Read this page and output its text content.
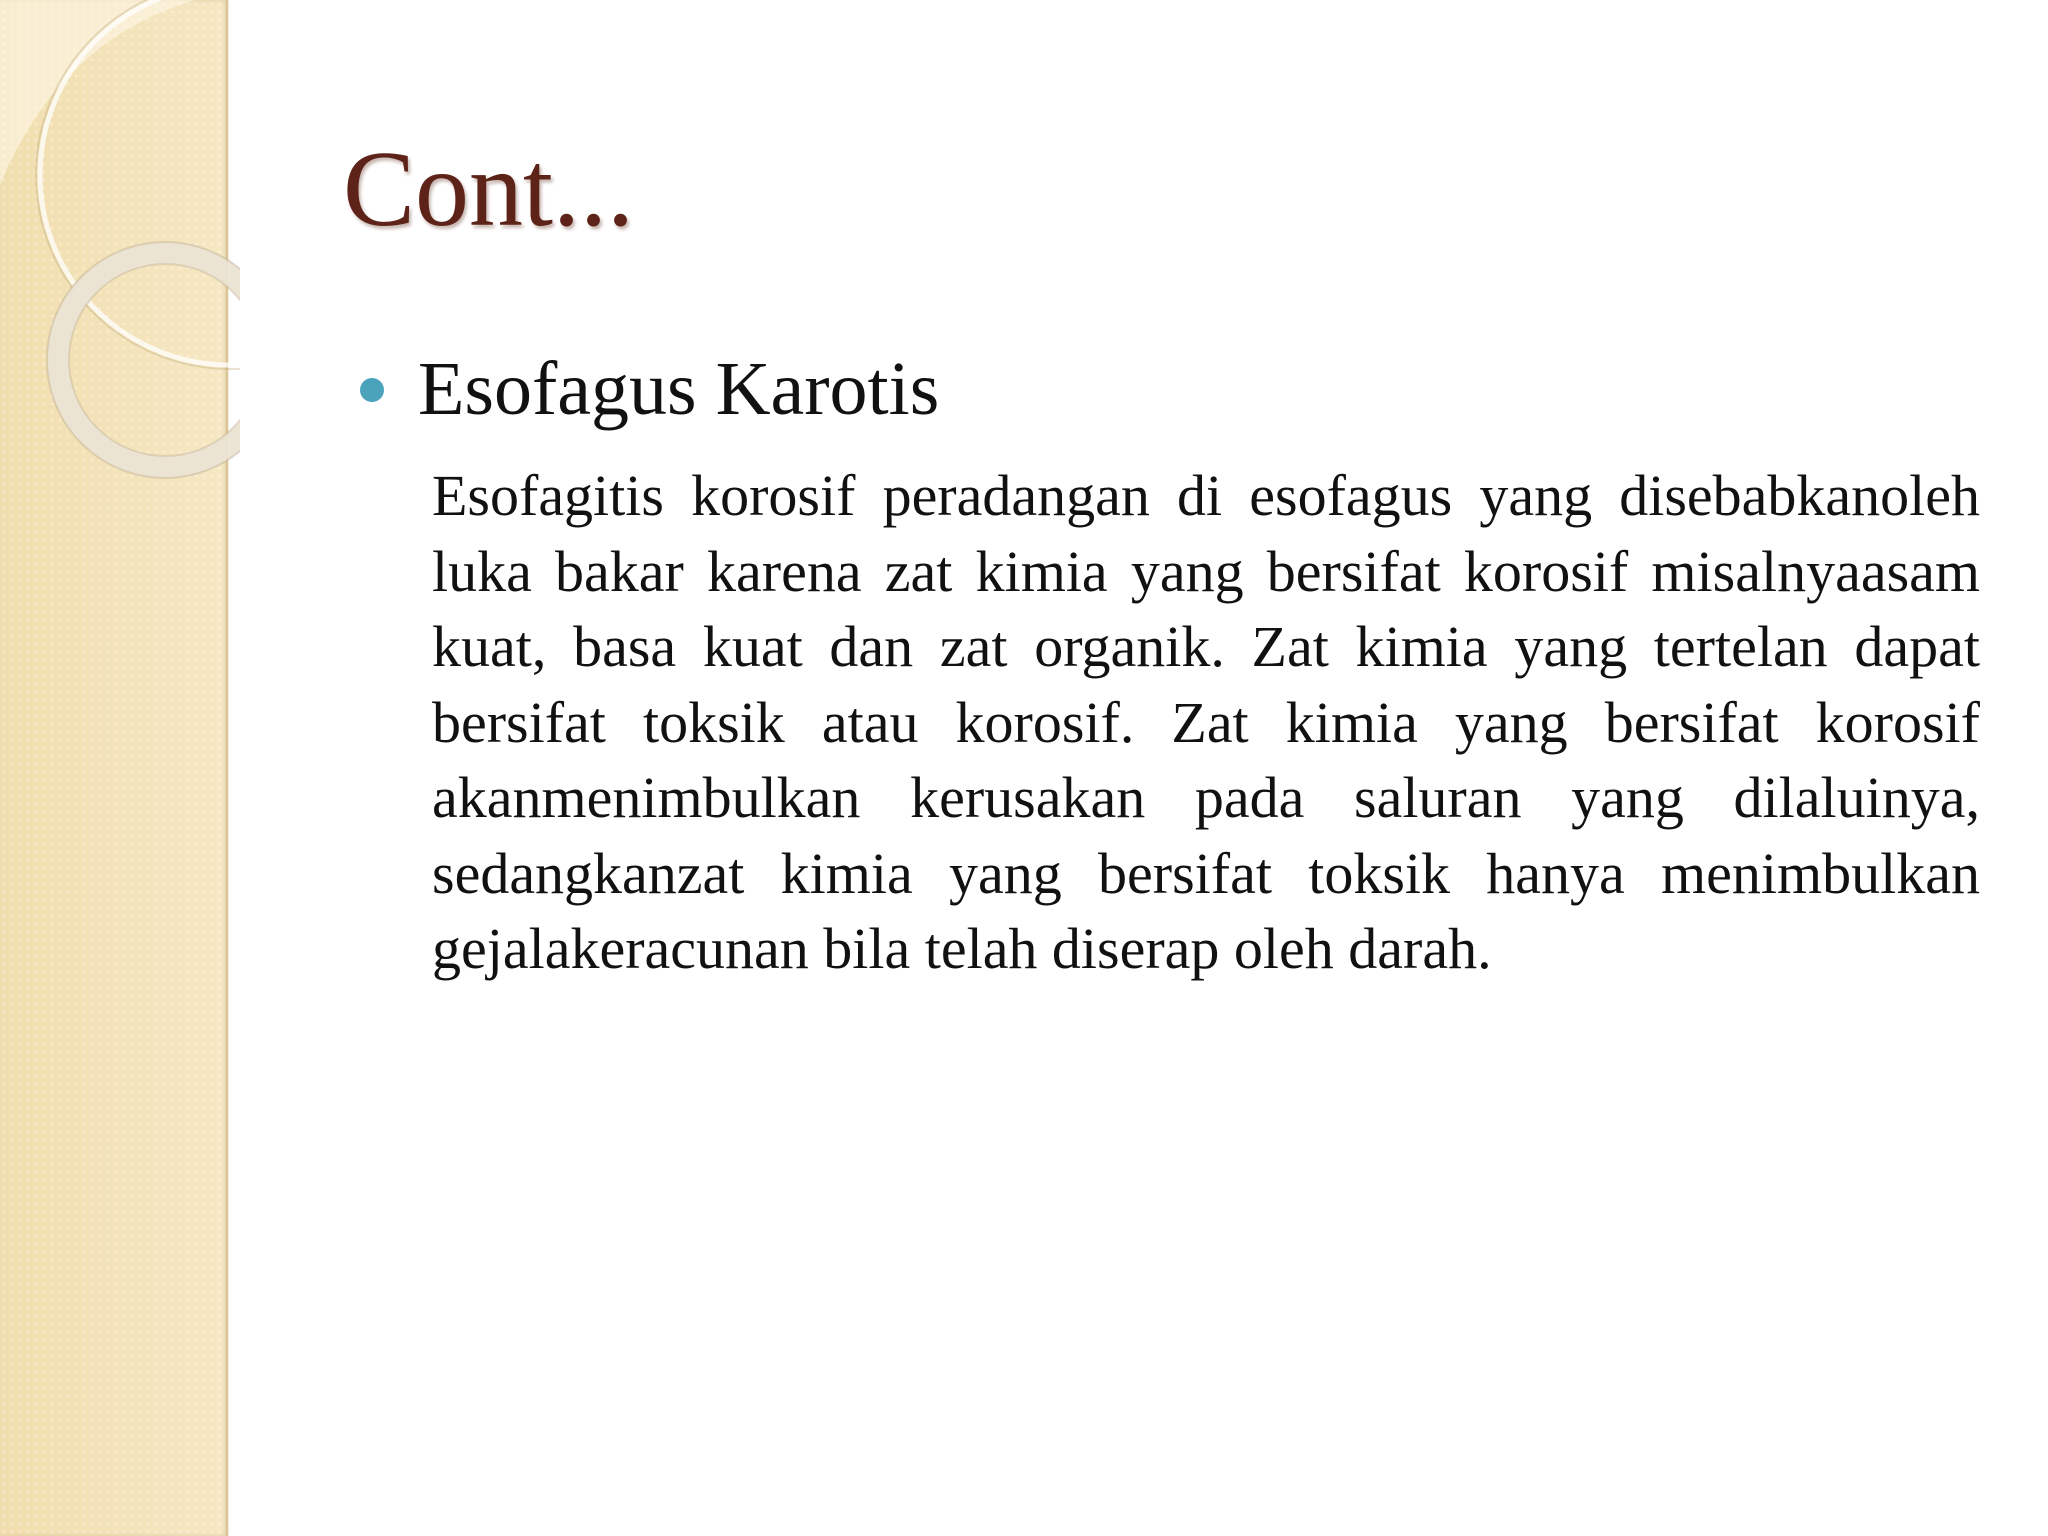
Cont...
Esofagus Karotis

Esofagitis korosif peradangan di esofagus yang disebabkanoleh luka bakar karena zat kimia yang bersifat korosif misalnyaasam kuat, basa kuat dan zat organik. Zat kimia yang tertelan dapat bersifat toksik atau korosif. Zat kimia yang bersifat korosif akanmenimbulkan kerusakan pada saluran yang dilaluinya, sedangkanzat kimia yang bersifat toksik hanya menimbulkan gejalakeracunan bila telah diserap oleh darah.
